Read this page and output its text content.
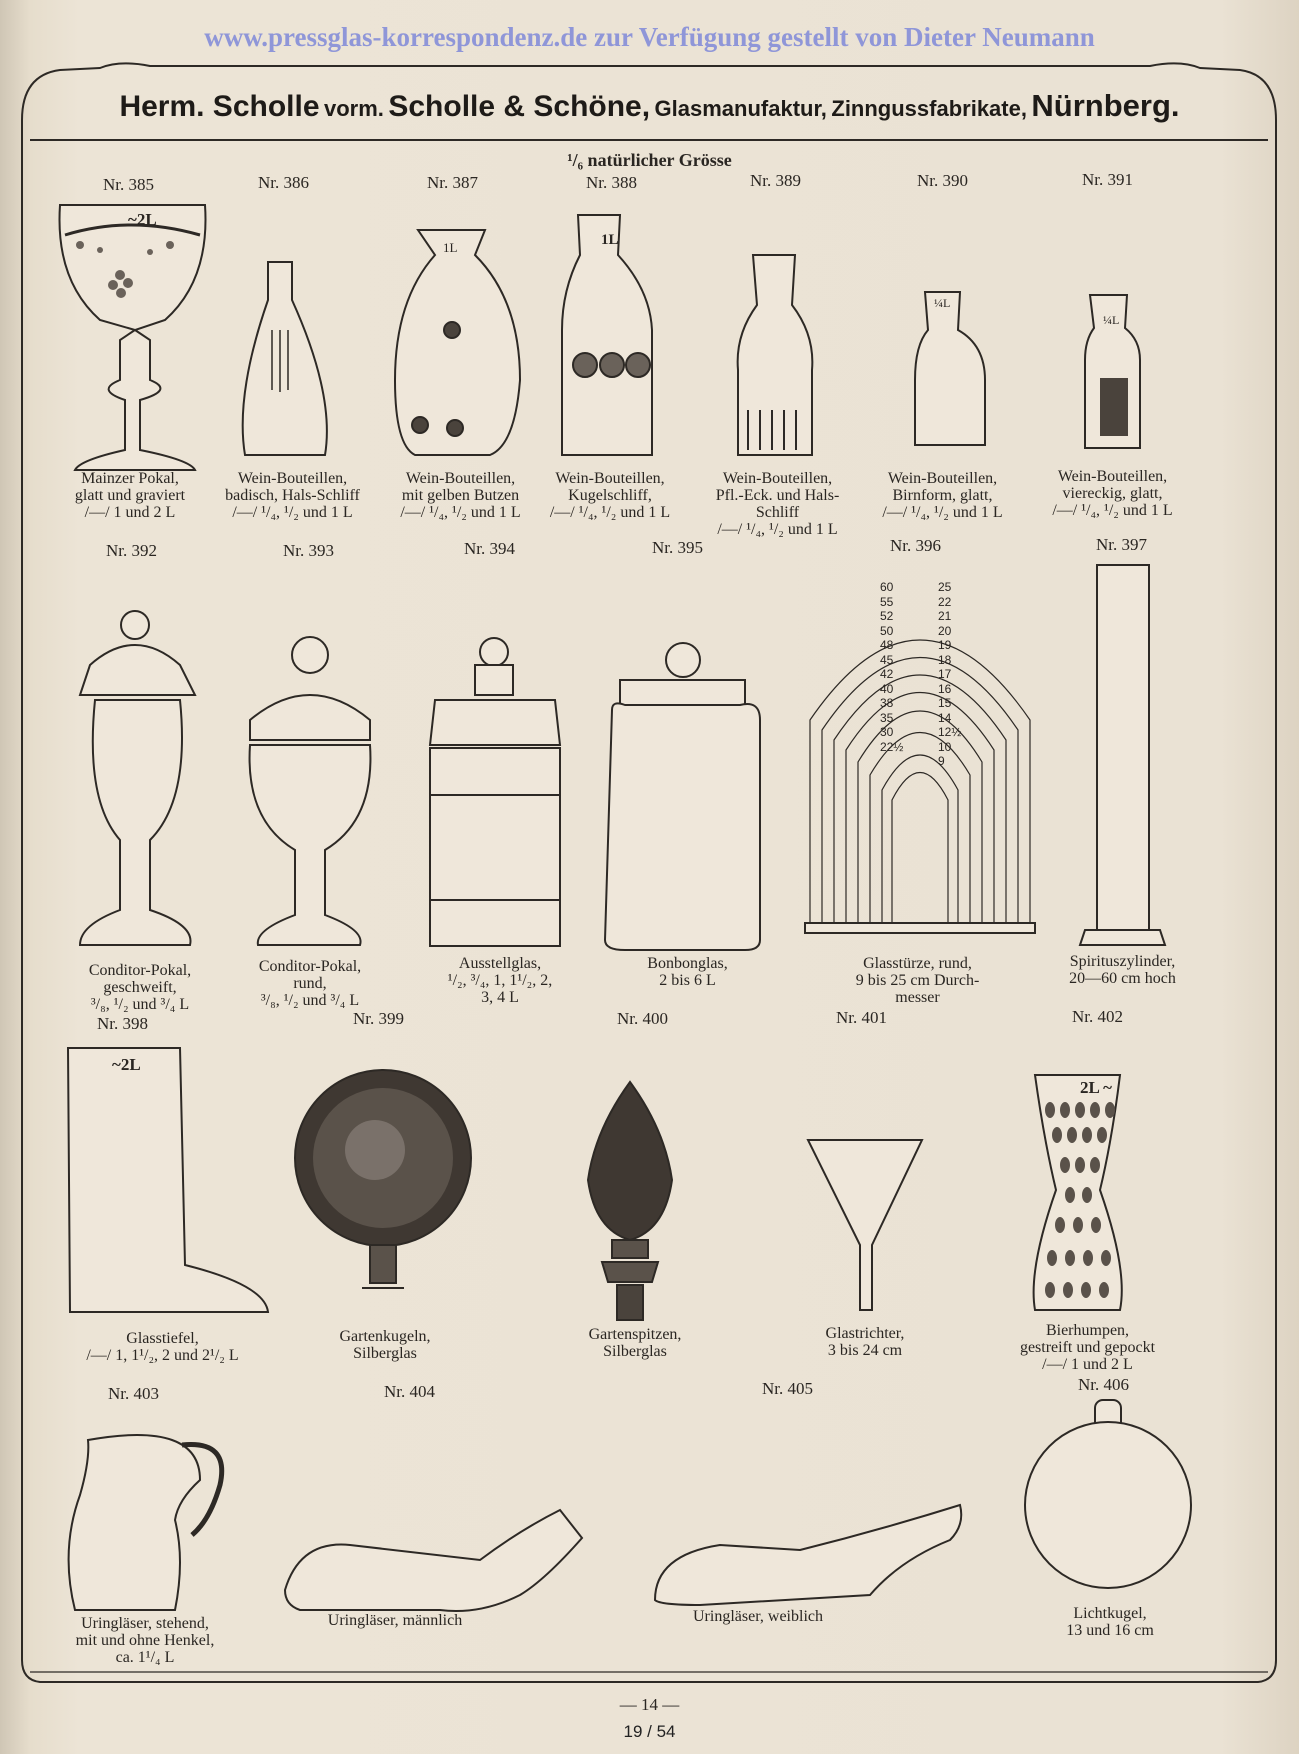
www.pressglas-korrespondenz.de zur Verfügung gestellt von Dieter Neumann
Herm. Scholle vorm. Scholle & Schöne, Glasmanufaktur, Zinngussfabrikate, Nürnberg.
¹/₆ natürlicher Grösse
~2L
1L	1L
¼L
¼L
~2L
2L ~
60
55
52
50
48
45
42
40
38
35
30
22½
25
22
21
20
19
18
17
16
15
14
12½
10
9
Nr. 385	Nr. 386	Nr. 387	Nr. 388	Nr. 389	Nr. 390	Nr. 391
Nr. 392	Nr. 393	Nr. 394	Nr. 395	Nr. 396	Nr. 397
Nr. 398	Nr. 399	Nr. 400	Nr. 401	Nr. 402
Nr. 403	Nr. 404	Nr. 405	Nr. 406
Mainzer Pokal,
glatt und graviert
/—/ 1 und 2 L
Wein-Bouteillen,
badisch, Hals-Schliff
/—/ ¹/₄, ¹/₂ und 1 L
Wein-Bouteillen,
mit gelben Butzen
/—/ ¹/₄, ¹/₂ und 1 L
Wein-Bouteillen,
Kugelschliff,
/—/ ¹/₄, ¹/₂ und 1 L
Wein-Bouteillen,
Pfl.-Eck. und Hals-
Schliff
/—/ ¹/₄, ¹/₂ und 1 L
Wein-Bouteillen,
Birnform, glatt,
/—/ ¹/₄, ¹/₂ und 1 L
Wein-Bouteillen,
viereckig, glatt,
/—/ ¹/₄, ¹/₂ und 1 L
Conditor-Pokal,
geschweift,
³/₈, ¹/₂ und ³/₄ L
Conditor-Pokal,
rund,
³/₈, ¹/₂ und ³/₄ L
Ausstellglas,
¹/₂, ³/₄, 1, 1¹/₂, 2,
3, 4 L
Bonbonglas,
2 bis 6 L
Glasstürze, rund,
9 bis 25 cm Durch-
messer
Spirituszylinder,
20—60 cm hoch
Glasstiefel,
/—/ 1, 1¹/₂, 2 und 2¹/₂ L
Gartenkugeln,
Silberglas
Gartenspitzen,
Silberglas
Glastrichter,
3 bis 24 cm
Bierhumpen,
gestreift und gepockt
/—/ 1 und 2 L
Uringläser, stehend,
mit und ohne Henkel,
ca. 1¹/₄ L
Uringläser, männlich	Uringläser, weiblich	Lichtkugel,
13 und 16 cm
— 14 —
19 / 54
